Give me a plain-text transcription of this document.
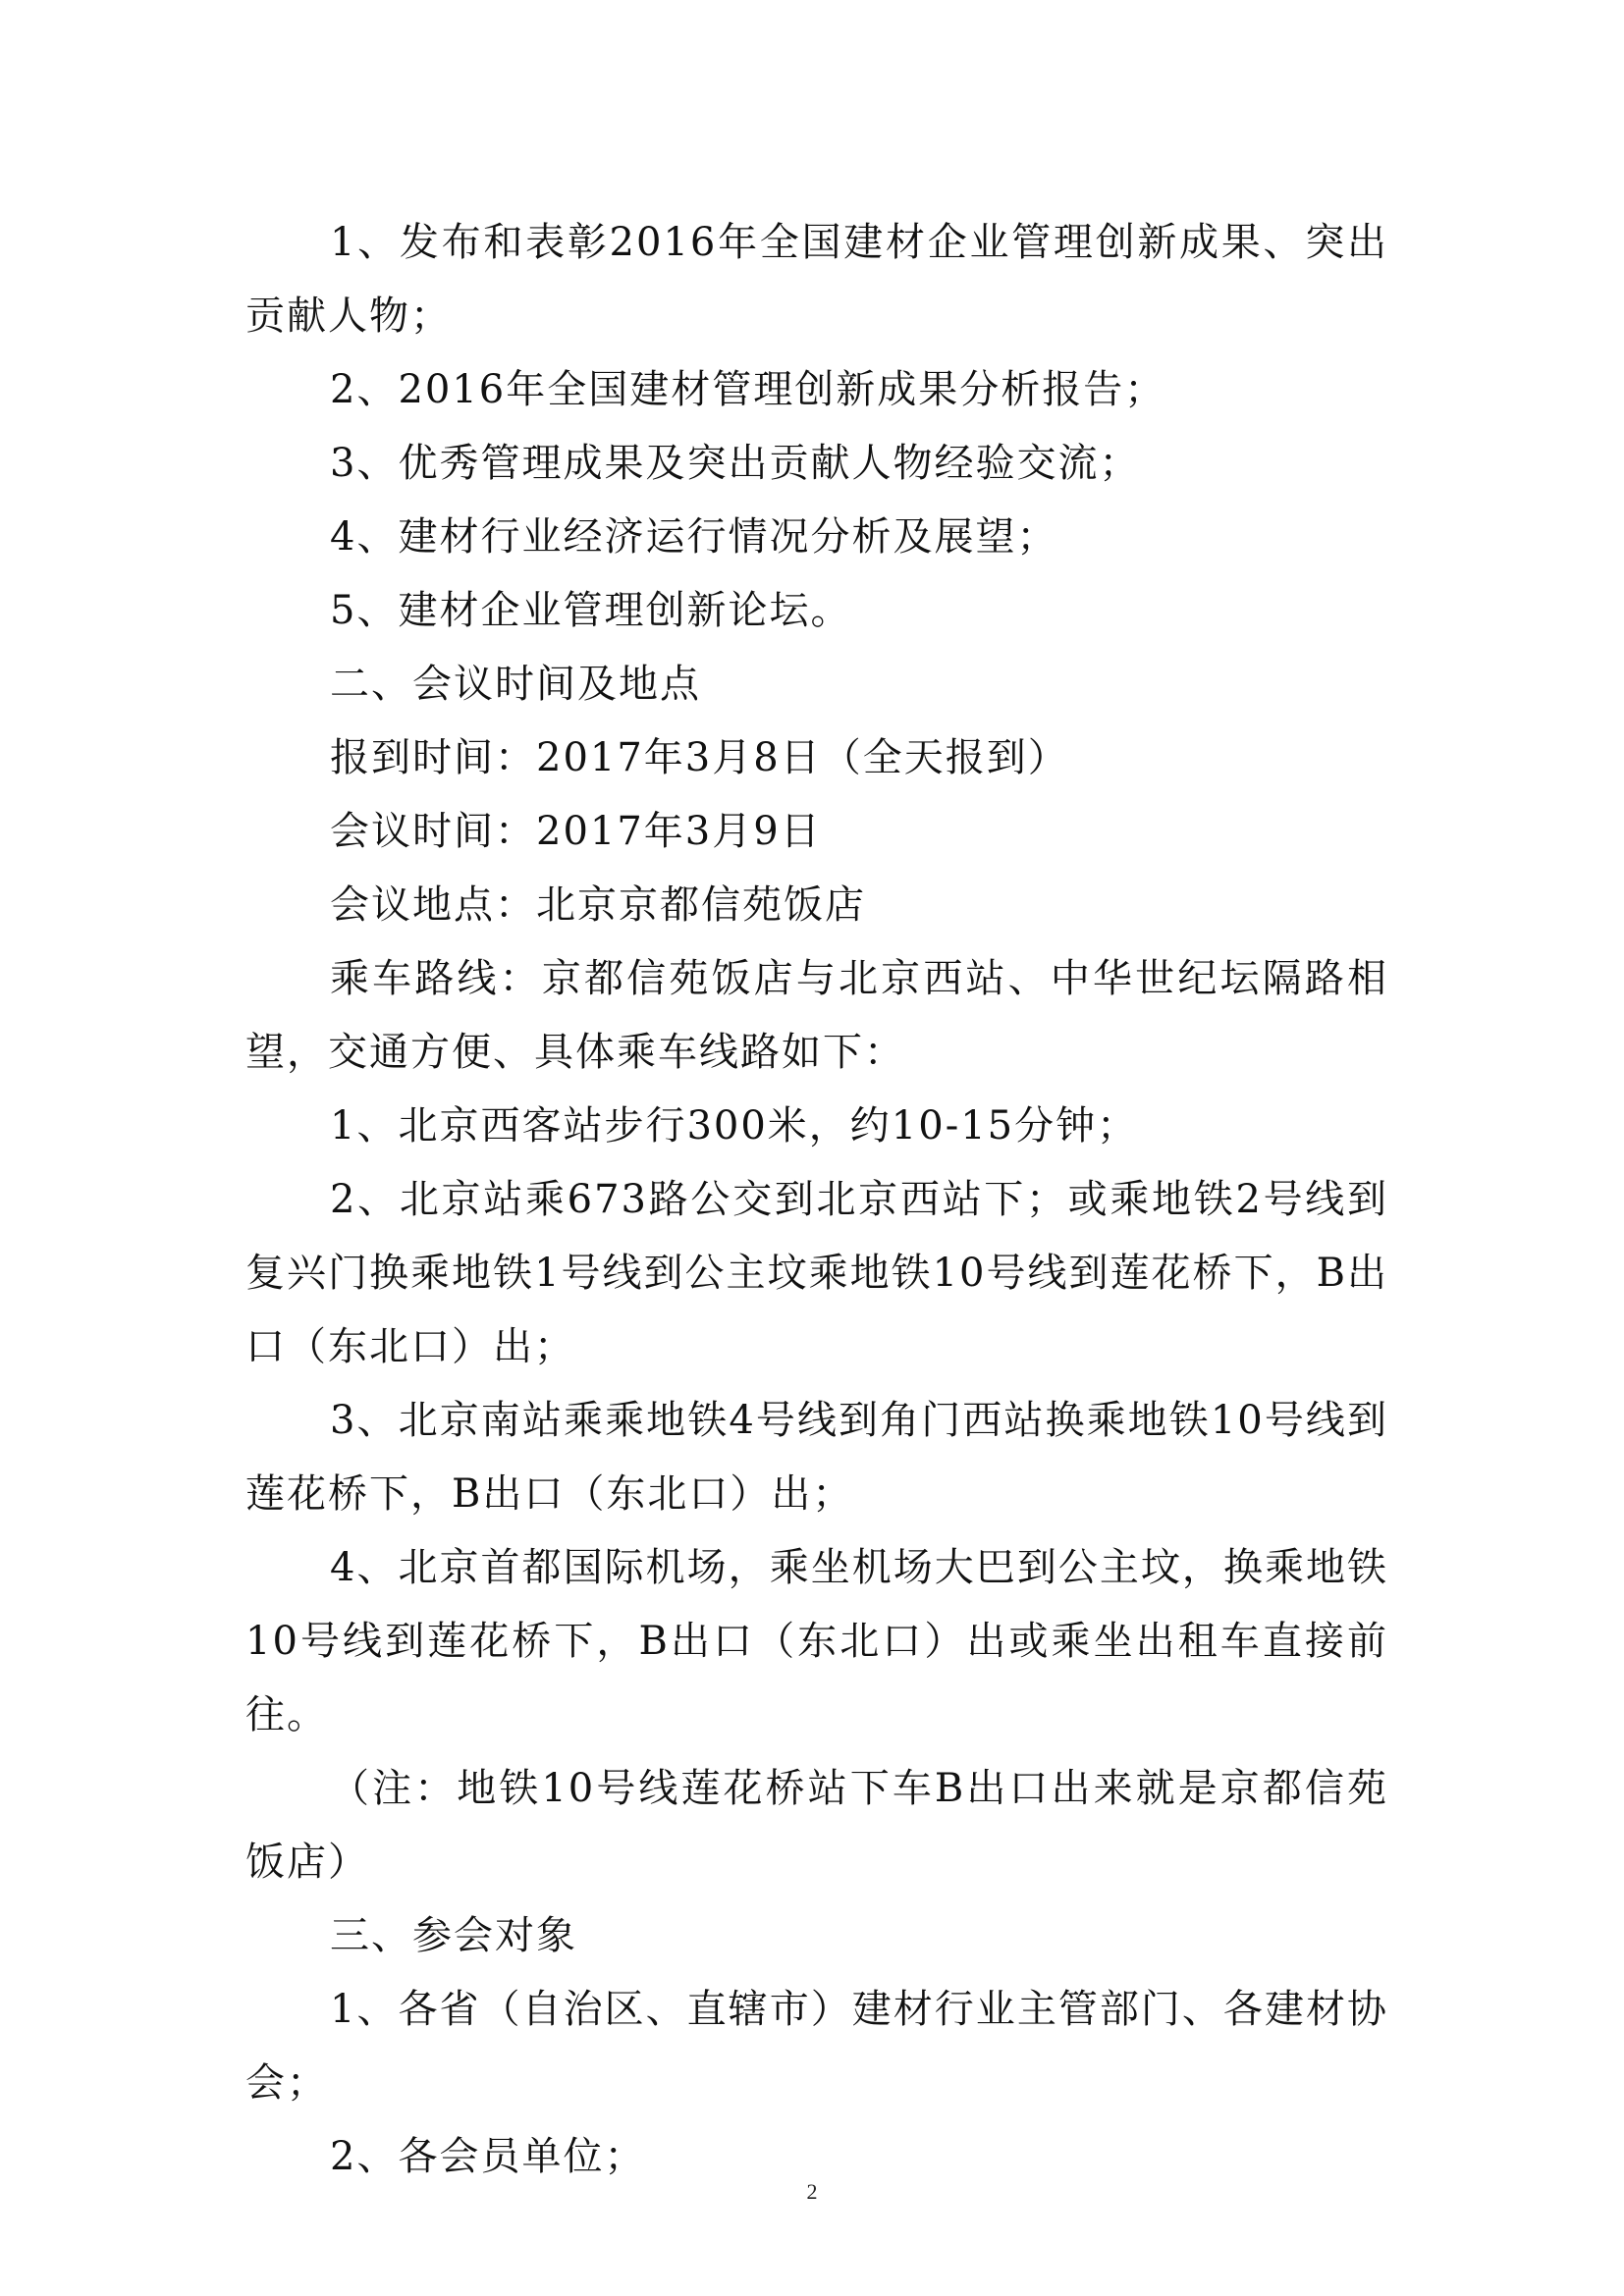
1、发布和表彰2016年全国建材企业管理创新成果、突出贡献人物；

2、2016年全国建材管理创新成果分析报告；

3、优秀管理成果及突出贡献人物经验交流；

4、建材行业经济运行情况分析及展望；

5、建材企业管理创新论坛。

二、会议时间及地点

报到时间：2017年3月8日（全天报到）

会议时间：2017年3月9日

会议地点：北京京都信苑饭店

乘车路线：京都信苑饭店与北京西站、中华世纪坛隔路相望，交通方便、具体乘车线路如下：

1、北京西客站步行300米，约10-15分钟；

2、北京站乘673路公交到北京西站下；或乘地铁2号线到复兴门换乘地铁1号线到公主坟乘地铁10号线到莲花桥下，B出口（东北口）出；

3、北京南站乘乘地铁4号线到角门西站换乘地铁10号线到莲花桥下，B出口（东北口）出；

4、北京首都国际机场，乘坐机场大巴到公主坟，换乘地铁10号线到莲花桥下，B出口（东北口）出或乘坐出租车直接前往。

（注：地铁10号线莲花桥站下车B出口出来就是京都信苑饭店）

三、参会对象

1、各省（自治区、直辖市）建材行业主管部门、各建材协会；

2、各会员单位；

2
